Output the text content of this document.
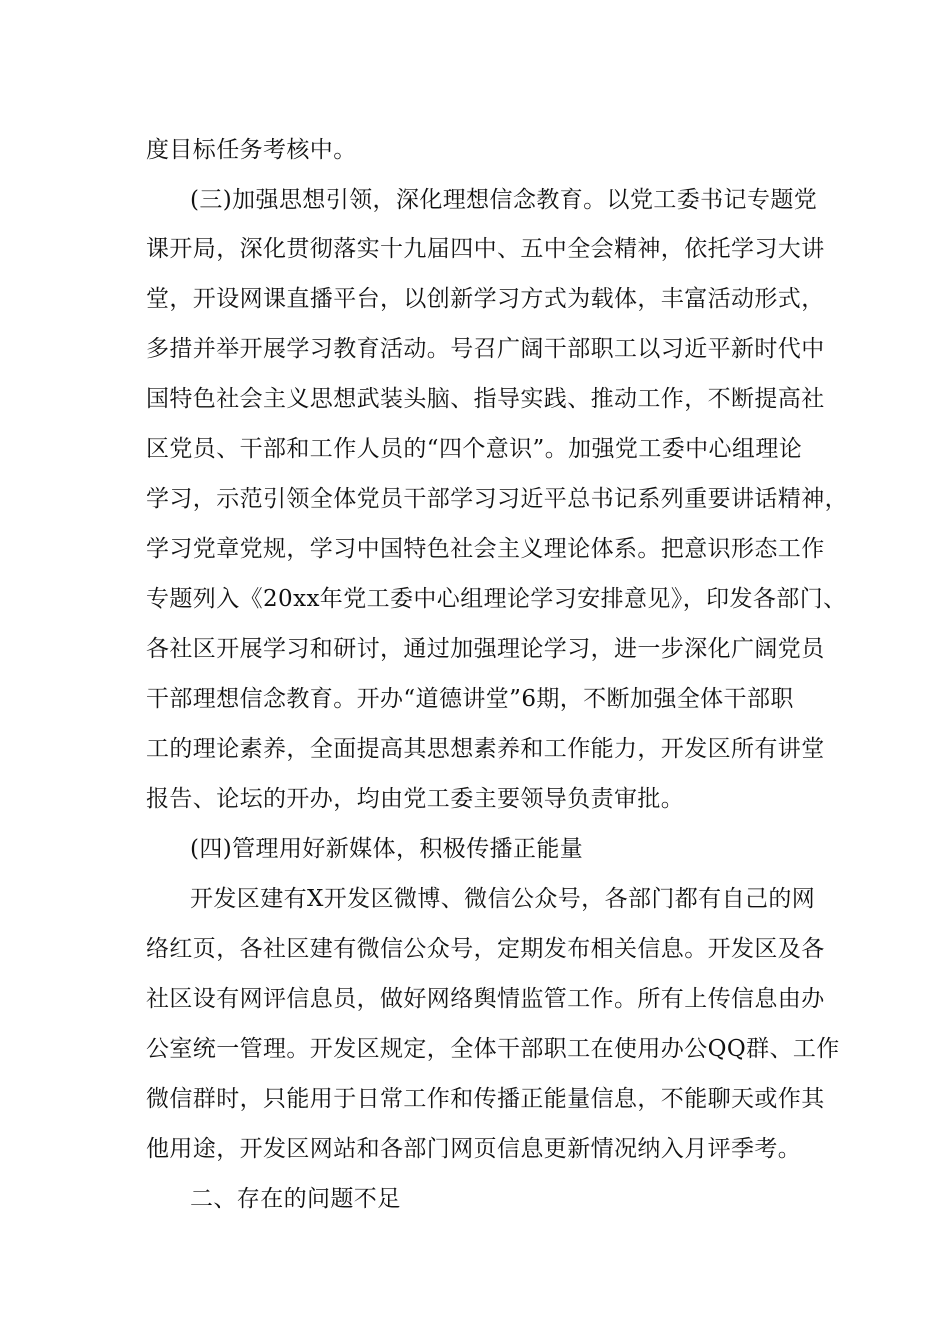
度目标任务考核中。
(三)加强思想引领，深化理想信念教育。以党工委书记专题党
课开局，深化贯彻落实十九届四中、五中全会精神，依托学习大讲
堂，开设网课直播平台，以创新学习方式为载体，丰富活动形式，
多措并举开展学习教育活动。号召广阔干部职工以习近平新时代中
国特色社会主义思想武装头脑、指导实践、推动工作，不断提高社
区党员、干部和工作人员的“四个意识”。加强党工委中心组理论
学习，示范引领全体党员干部学习习近平总书记系列重要讲话精神，
学习党章党规，学习中国特色社会主义理论体系。把意识形态工作
专题列入《20xx年党工委中心组理论学习安排意见》，印发各部门、
各社区开展学习和研讨，通过加强理论学习，进一步深化广阔党员
干部理想信念教育。开办“道德讲堂”6期，不断加强全体干部职
工的理论素养，全面提高其思想素养和工作能力，开发区所有讲堂
报告、论坛的开办，均由党工委主要领导负责审批。
(四)管理用好新媒体，积极传播正能量
开发区建有X开发区微博、微信公众号，各部门都有自己的网
络红页，各社区建有微信公众号，定期发布相关信息。开发区及各
社区设有网评信息员，做好网络舆情监管工作。所有上传信息由办
公室统一管理。开发区规定，全体干部职工在使用办公QQ群、工作
微信群时，只能用于日常工作和传播正能量信息，不能聊天或作其
他用途，开发区网站和各部门网页信息更新情况纳入月评季考。
二、存在的问题不足
